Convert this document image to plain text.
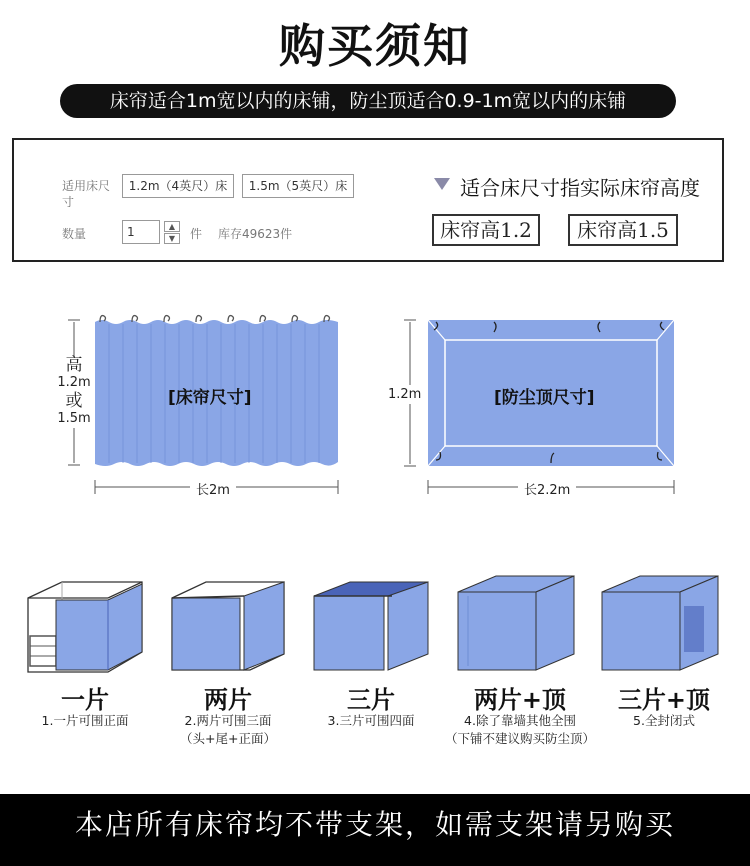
购买须知
床帘适合1m宽以内的床铺，防尘顶适合0.9-1m宽以内的床铺
适用床尺寸
1.2m（4英尺）床	1.5m（5英尺）床
数量	1	▲
▼	件 库存49623件
适合床尺寸指实际床帘高度
床帘高1.2	床帘高1.5
[床帘尺寸]
高
1.2m
或
1.5m
长2m
[防尘顶尺寸]
1.2m
长2.2m
一片
1.一片可围正面
两片
2.两片可围三面
（头+尾+正面）
三片
3.三片可围四面
两片+顶
4.除了靠墙其他全围
（下铺不建议购买防尘顶）
三片+顶
5.全封闭式
本店所有床帘均不带支架，如需支架请另购买
